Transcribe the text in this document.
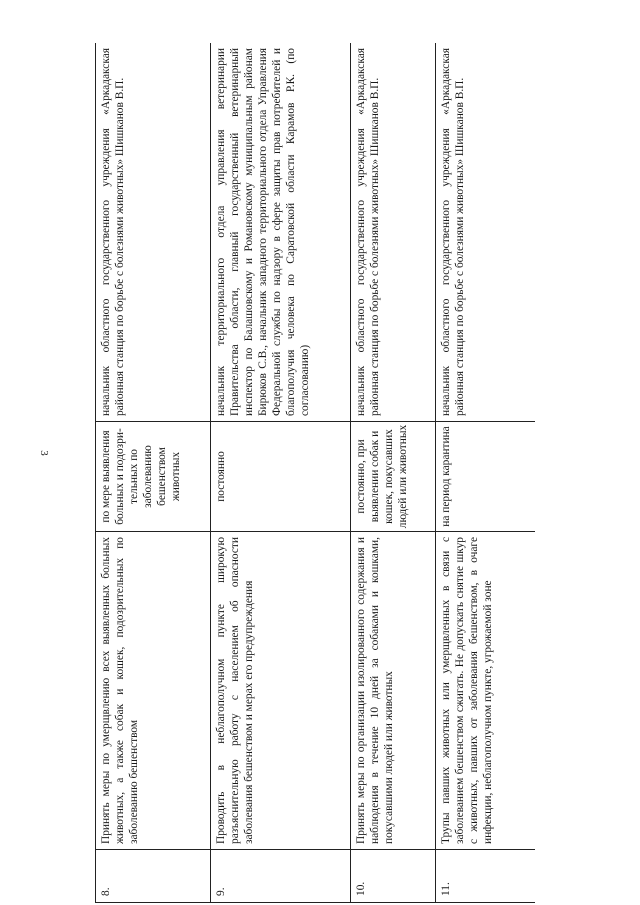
3
8.	Принять меры по умерщвлению всех выявленных больных животных, а также собак и кошек, подозрительных по заболеванию бешенством	по мере выявления больных и подозри-тельных по заболеванию бешенством животных	начальник областного государственного учреждения «Аркадакская районная станция по борьбе с болезнями животных» Шишканов В.П.
9.	Проводить в неблагополучном пункте широкую разъяснительную работу с населением об опасности заболевания бешенством и мерах его предупреждения	постоянно	начальник территориального отдела управления ветеринарии Правительства области, главный государственный ветеринарный инспектор по Балашовскому и Романовскому муниципальным районам Бирюков С.В., начальник западного территориального отдела Управления Федеральной службы по надзору в сфере защиты прав потребителей и благополучия человека по Саратовской области Карамов Р.К. (по согласованию)
10.	Принять меры по организации изолированного содержания и наблюдения в течение 10 дней за собаками и кошками, покусавшими людей или животных	постоянно, при выявлении собак и кошек, покусавших людей или животных	начальник областного государственного учреждения «Аркадакская районная станция по борьбе с болезнями животных» Шишканов В.П.
11.	Трупы павших животных или умерщвленных в связи с заболеванием бешенством сжигать. Не допускать снятие шкур с животных, павших от заболевания бешенством, в очаге инфекции, неблагополучном пункте, угрожаемой зоне	на период карантина	начальник областного государственного учреждения «Аркадакская районная станция по борьбе с болезнями животных» Шишканов В.П.
